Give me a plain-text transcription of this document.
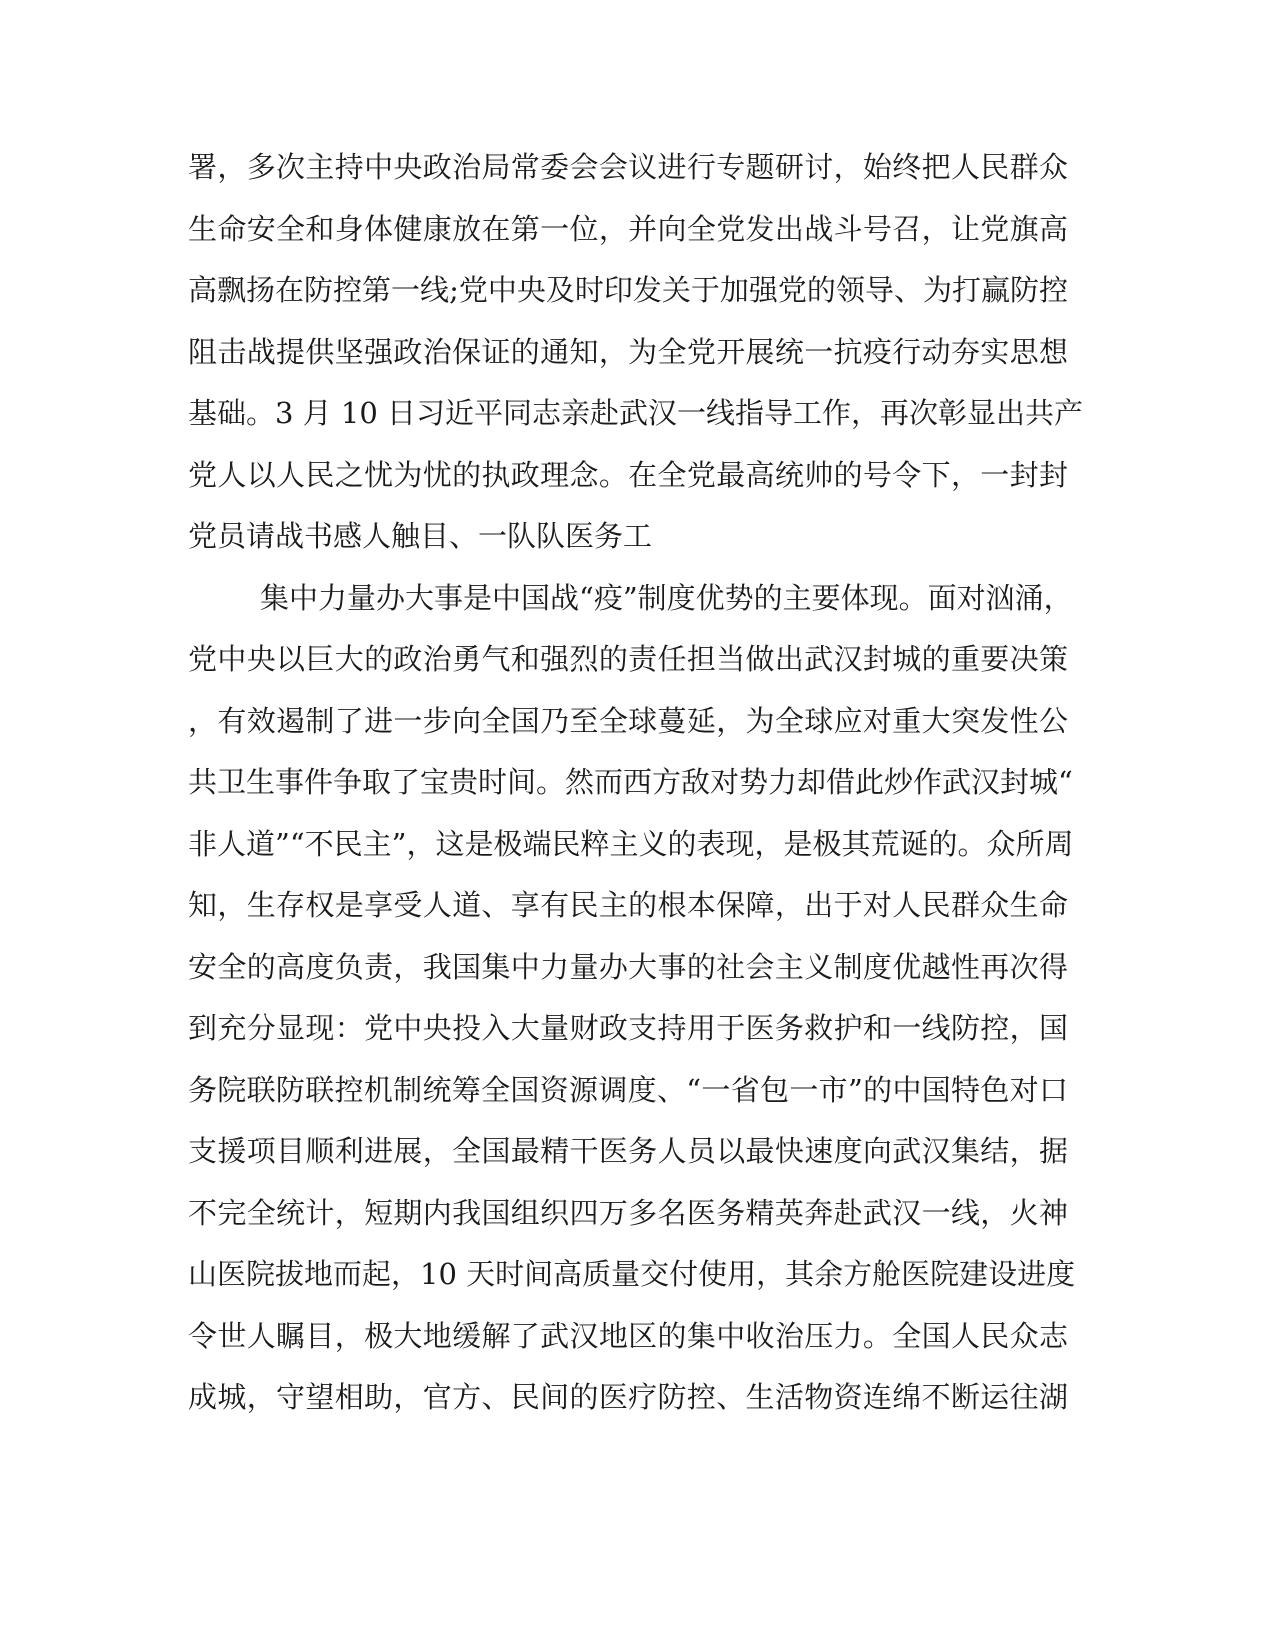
署，多次主持中央政治局常委会会议进行专题研讨，始终把人民群众
生命安全和身体健康放在第一位，并向全党发出战斗号召，让党旗高
高飘扬在防控第一线;党中央及时印发关于加强党的领导、为打赢防控
阻击战提供坚强政治保证的通知，为全党开展统一抗疫行动夯实思想
基础。3 月 10 日习近平同志亲赴武汉一线指导工作，再次彰显出共产
党人以人民之忧为忧的执政理念。在全党最高统帅的号令下，一封封
党员请战书感人触目、一队队医务工
集中力量办大事是中国战“疫”制度优势的主要体现。面对汹涌，
党中央以巨大的政治勇气和强烈的责任担当做出武汉封城的重要决策
，有效遏制了进一步向全国乃至全球蔓延，为全球应对重大突发性公
共卫生事件争取了宝贵时间。然而西方敌对势力却借此炒作武汉封城“
非人道”“不民主”，这是极端民粹主义的表现，是极其荒诞的。众所周
知，生存权是享受人道、享有民主的根本保障，出于对人民群众生命
安全的高度负责，我国集中力量办大事的社会主义制度优越性再次得
到充分显现：党中央投入大量财政支持用于医务救护和一线防控，国
务院联防联控机制统筹全国资源调度、“一省包一市”的中国特色对口
支援项目顺利进展，全国最精干医务人员以最快速度向武汉集结，据
不完全统计，短期内我国组织四万多名医务精英奔赴武汉一线，火神
山医院拔地而起，10 天时间高质量交付使用，其余方舱医院建设进度
令世人瞩目，极大地缓解了武汉地区的集中收治压力。全国人民众志
成城，守望相助，官方、民间的医疗防控、生活物资连绵不断运往湖
